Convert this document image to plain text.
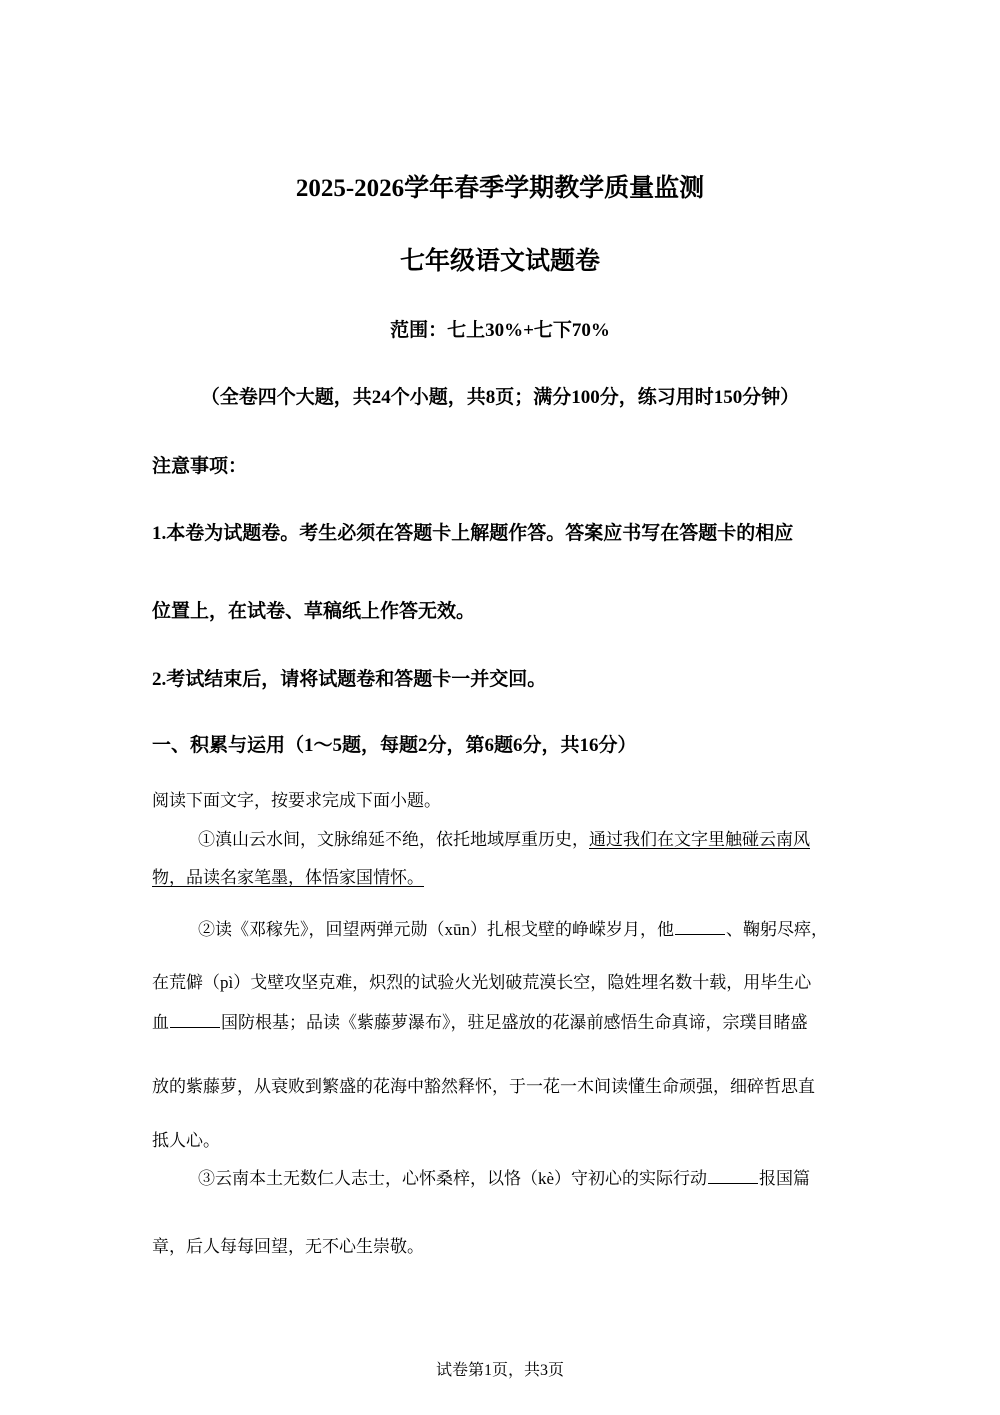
2025-2026学年春季学期教学质量监测
七年级语文试题卷
范围：七上30%+七下70%
（全卷四个大题，共24个小题，共8页；满分100分，练习用时150分钟）
注意事项：
1.本卷为试题卷。考生必须在答题卡上解题作答。答案应书写在答题卡的相应
位置上，在试卷、草稿纸上作答无效。
2.考试结束后，请将试题卷和答题卡一并交回。
一、积累与运用（1～5题，每题2分，第6题6分，共16分）
阅读下面文字，按要求完成下面小题。
①滇山云水间，文脉绵延不绝，依托地域厚重历史，通过我们在文字里触碰云南风
物，品读名家笔墨，体悟家国情怀。
②读《邓稼先》，回望两弹元勋（xūn）扎根戈壁的峥嵘岁月，他	、鞠躬尽瘁，
在荒僻（pì）戈壁攻坚克难，炽烈的试验火光划破荒漠长空，隐姓埋名数十载，用毕生心
血	国防根基；品读《紫藤萝瀑布》，驻足盛放的花瀑前感悟生命真谛，宗璞目睹盛
放的紫藤萝，从衰败到繁盛的花海中豁然释怀，于一花一木间读懂生命顽强，细碎哲思直
抵人心。
③云南本土无数仁人志士，心怀桑梓，以恪（kè）守初心的实际行动	报国篇
章，后人每每回望，无不心生崇敬。
试卷第1页，共3页
